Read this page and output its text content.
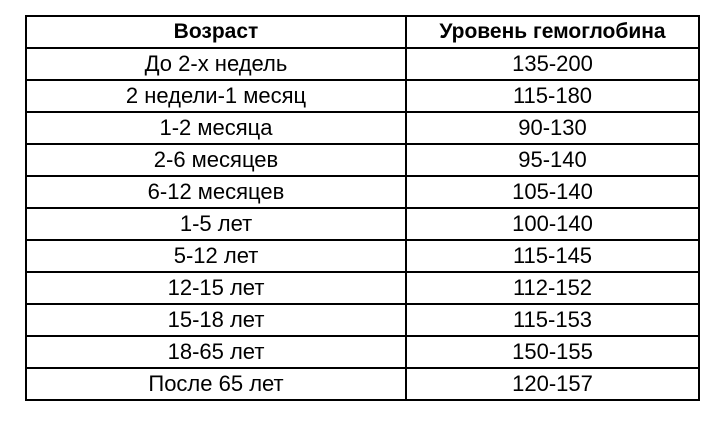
Возраст	Уровень гемоглобина
До 2-х недель	135-200
2 недели-1 месяц	115-180
1-2 месяца	90-130
2-6 месяцев	95-140
6-12 месяцев	105-140
1-5 лет	100-140
5-12 лет	115-145
12-15 лет	112-152
15-18 лет	115-153
18-65 лет	150-155
После 65 лет	120-157
